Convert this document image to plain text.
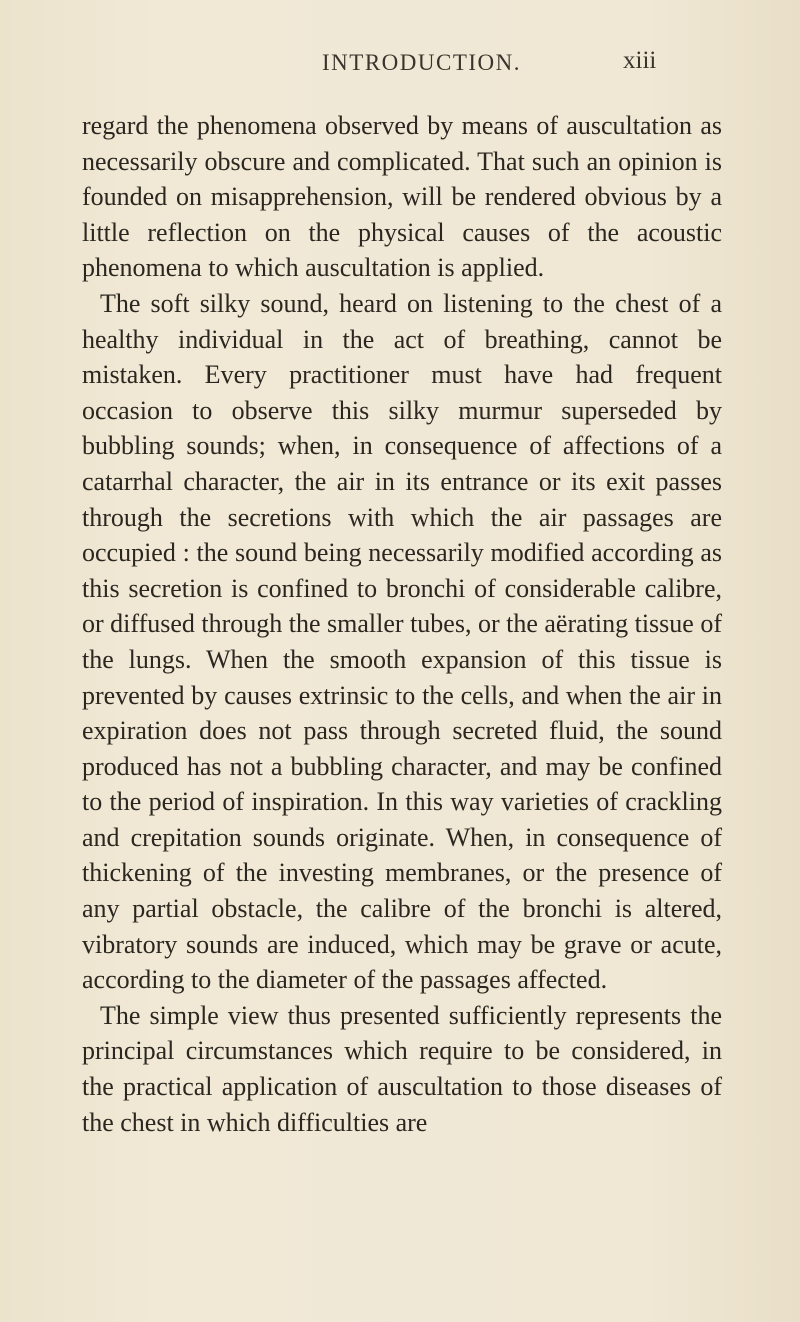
INTRODUCTION.	xiii

regard the phenomena observed by means of auscultation as necessarily obscure and complicated. That such an opinion is founded on misapprehension, will be rendered obvious by a little reflection on the physical causes of the acoustic phenomena to which auscultation is applied.

The soft silky sound, heard on listening to the chest of a healthy individual in the act of breathing, cannot be mistaken. Every practitioner must have had frequent occasion to observe this silky murmur superseded by bubbling sounds; when, in consequence of affections of a catarrhal character, the air in its entrance or its exit passes through the secretions with which the air passages are occupied : the sound being necessarily modified according as this secretion is confined to bronchi of considerable calibre, or diffused through the smaller tubes, or the aërating tissue of the lungs. When the smooth expansion of this tissue is prevented by causes extrinsic to the cells, and when the air in expiration does not pass through secreted fluid, the sound produced has not a bubbling character, and may be confined to the period of inspiration. In this way varieties of crackling and crepitation sounds originate. When, in consequence of thickening of the investing membranes, or the presence of any partial obstacle, the calibre of the bronchi is altered, vibratory sounds are induced, which may be grave or acute, according to the diameter of the passages affected.

The simple view thus presented sufficiently represents the principal circumstances which require to be considered, in the practical application of auscultation to those diseases of the chest in which difficulties are
